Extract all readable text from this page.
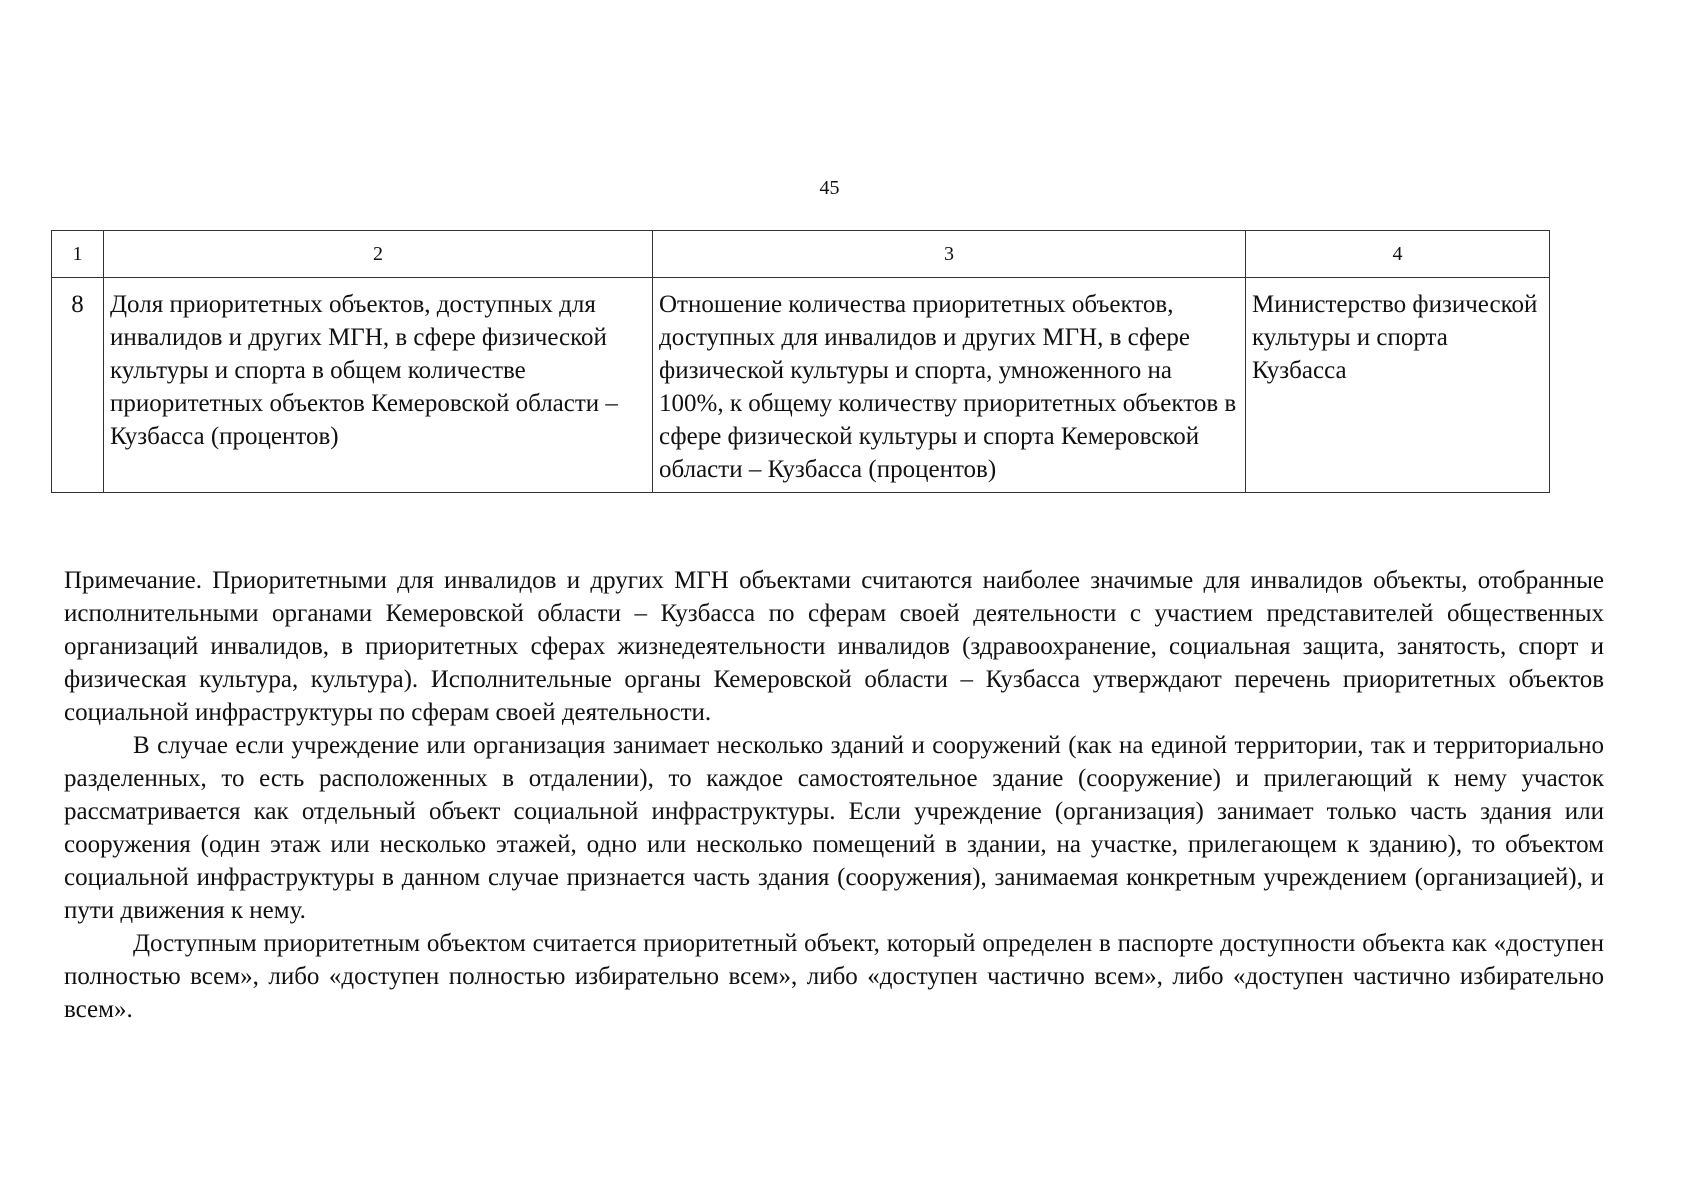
45
1	2	3	4
8	Доля приоритетных объектов, доступных для инвалидов и других МГН, в сфере физической культуры и спорта в общем количестве приоритетных объектов Кемеровской области – Кузбасса (процентов)	Отношение количества приоритетных объектов, доступных для инвалидов и других МГН, в сфере физической культуры и спорта, умноженного на 100%, к общему количеству приоритетных объектов в сфере физической культуры и спорта Кемеровской области – Кузбасса (процентов)	Министерство физической культуры и спорта Кузбасса

Примечание. Приоритетными для инвалидов и других МГН объектами считаются наиболее значимые для инвалидов объекты, отобранные исполнительными органами Кемеровской области – Кузбасса по сферам своей деятельности с участием представителей общественных организаций инвалидов, в приоритетных сферах жизнедеятельности инвалидов (здравоохранение, социальная защита, занятость, спорт и физическая культура, культура). Исполнительные органы Кемеровской области – Кузбасса утверждают перечень приоритетных объектов социальной инфраструктуры по сферам своей деятельности.

В случае если учреждение или организация занимает несколько зданий и сооружений (как на единой территории, так и территориально разделенных, то есть расположенных в отдалении), то каждое самостоятельное здание (сооружение) и прилегающий к нему участок рассматривается как отдельный объект социальной инфраструктуры. Если учреждение (организация) занимает только часть здания или сооружения (один этаж или несколько этажей, одно или несколько помещений в здании, на участке, прилегающем к зданию), то объектом социальной инфраструктуры в данном случае признается часть здания (сооружения), занимаемая конкретным учреждением (организацией), и пути движения к нему.

Доступным приоритетным объектом считается приоритетный объект, который определен в паспорте доступности объекта как «доступен полностью всем», либо «доступен полностью избирательно всем», либо «доступен частично всем», либо «доступен частично избирательно всем».
